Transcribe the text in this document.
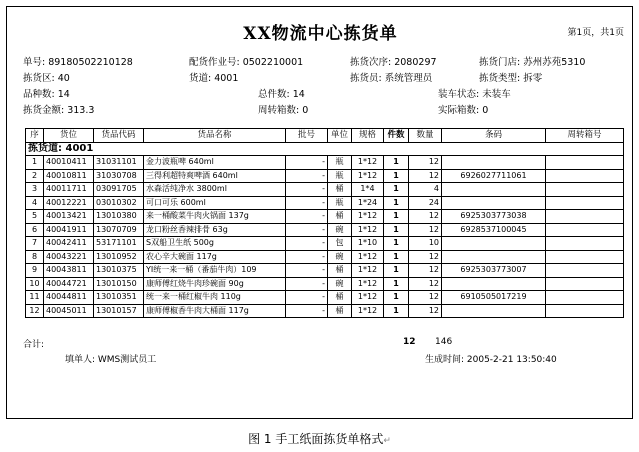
XX物流中心拣货单	第1页，共1页
单号: 89180502210128	配货作业号: 0502210001	拣货次序: 2080297	拣货门店: 苏州苏苑5310
拣货区: 40	货道: 4001	拣货员: 系统管理员	拣货类型: 拆零
品种数: 14	总件数: 14	装车状态: 未装车
拣货金额: 313.3	周转箱数: 0	实际箱数: 0
序	货位	货品代码	货品名称	批号	单位	规格	件数	数量	条码	周转箱号
拣货道: 4001										
1	40010411	31031101	金力波瓶啤 640ml	-	瓶	1*12	1	12		
2	40010811	31030708	三得利超特爽啤酒 640ml	-	瓶	1*12	1	12	6926027711061	
3	40011711	03091705	水森活纯净水 3800ml	-	桶	1*4	1	4		
4	40012221	03010302	可口可乐 600ml	-	瓶	1*24	1	24		
5	40013421	13010380	来一桶酸菜牛肉火锅面 137g	-	桶	1*12	1	12	6925303773038	
6	40041911	13070709	龙口粉丝香辣排骨 63g	-	碗	1*12	1	12	6928537100045	
7	40042411	53171101	S双船卫生纸 500g	-	包	1*10	1	10		
8	40043221	13010952	农心辛大碗面 117g	-	碗	1*12	1	12		
9	40043811	13010375	YI统一来一桶（番茄牛肉）109	-	桶	1*12	1	12	6925303773007	
10	40044721	13010150	康师傅红烧牛肉珍碗面 90g	-	碗	1*12	1	12		
11	40044811	13010351	统一来一桶红椒牛肉 110g	-	桶	1*12	1	12	6910505017219	
12	40045011	13010157	康师傅椒香牛肉大桶面 117g	-	桶	1*12	1	12		
合计:	12 146
填单人: WMS测试员工	生成时间: 2005-2-21 13:50:40
图 1 手工纸面拣货单格式↵
